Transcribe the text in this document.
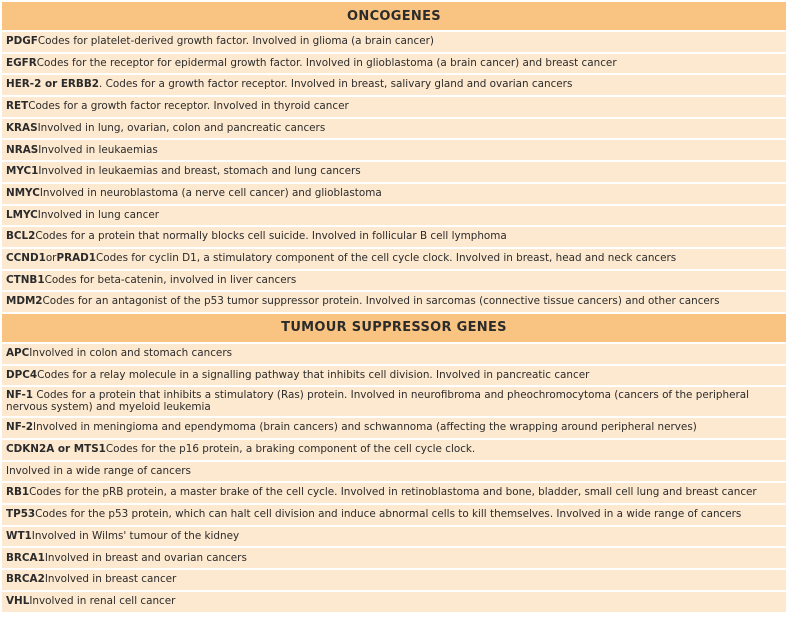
ONCOGENES
PDGF Codes for platelet-derived growth factor. Involved in glioma (a brain cancer)
EGFR Codes for the receptor for epidermal growth factor. Involved in glioblastoma (a brain cancer) and breast cancer
HER-2 or ERBB2 . Codes for a growth factor receptor. Involved in breast, salivary gland and ovarian cancers
RET Codes for a growth factor receptor. Involved in thyroid cancer
KRAS Involved in lung, ovarian, colon and pancreatic cancers
NRAS Involved in leukaemias
MYC1 Involved in leukaemias and breast, stomach and lung cancers
NMYC Involved in neuroblastoma (a nerve cell cancer) and glioblastoma
LMYC Involved in lung cancer
BCL2 Codes for a protein that normally blocks cell suicide. Involved in follicular B cell lymphoma
CCND1 or PRAD1 Codes for cyclin D1, a stimulatory component of the cell cycle clock. Involved in breast, head and neck cancers
CTNB1 Codes for beta-catenin, involved in liver cancers
MDM2 Codes for an antagonist of the p53 tumor suppressor protein. Involved in sarcomas (connective tissue cancers) and other cancers
TUMOUR SUPPRESSOR GENES
APC Involved in colon and stomach cancers
DPC4 Codes for a relay molecule in a signalling pathway that inhibits cell division. Involved in pancreatic cancer
NF-1 Codes for a protein that inhibits a stimulatory (Ras) protein. Involved in neurofibroma and pheochromocytoma (cancers of the peripheral nervous system) and myeloid leukemia
NF-2 Involved in meningioma and ependymoma (brain cancers) and schwannoma (affecting the wrapping around peripheral nerves)
CDKN2A or MTS1 Codes for the p16 protein, a braking component of the cell cycle clock.
Involved in a wide range of cancers
RB1 Codes for the pRB protein, a master brake of the cell cycle. Involved in retinoblastoma and bone, bladder, small cell lung and breast cancer
TP53 Codes for the p53 protein, which can halt cell division and induce abnormal cells to kill themselves. Involved in a wide range of cancers
WT1 Involved in Wilms' tumour of the kidney
BRCA1 Involved in breast and ovarian cancers
BRCA2 Involved in breast cancer
VHL Involved in renal cell cancer
